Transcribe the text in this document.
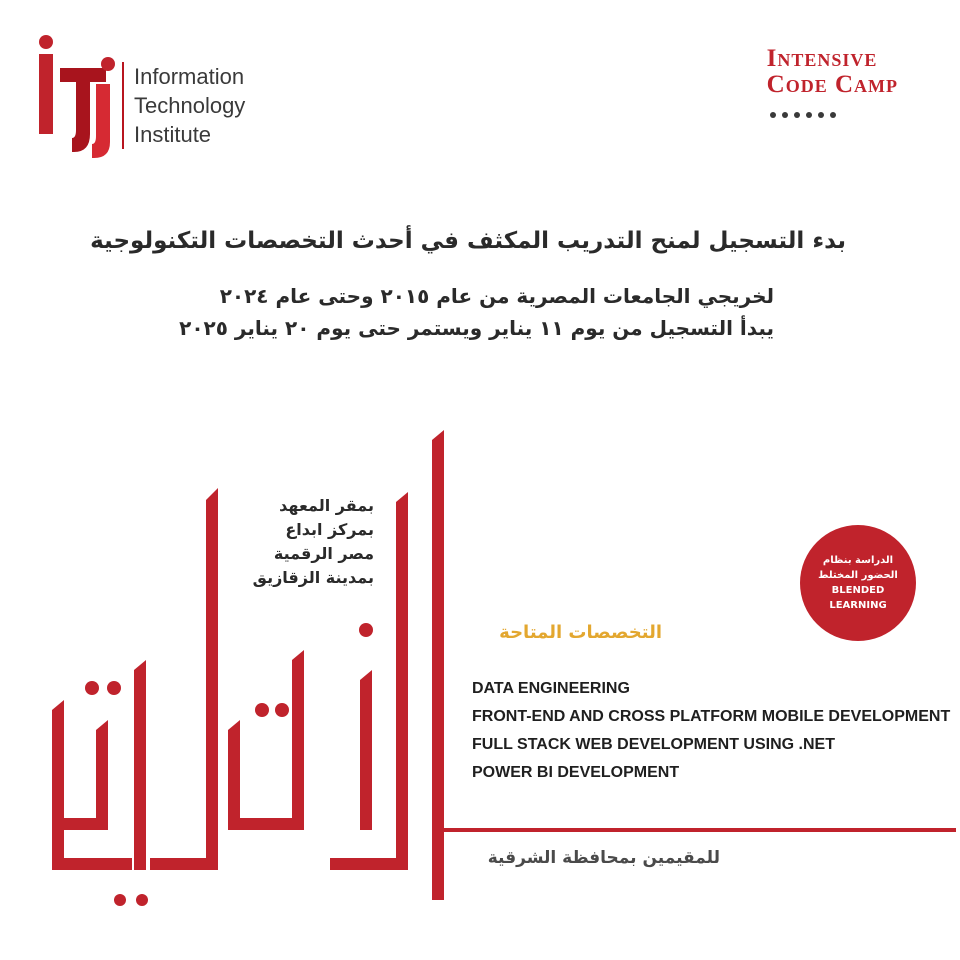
Information
Technology
Institute
Intensive
Code Camp
بدء التسجيل لمنح التدريب المكثف في أحدث التخصصات التكنولوجية
لخريجي الجامعات المصرية من عام ٢٠١٥ وحتى عام ٢٠٢٤
يبدأ التسجيل من يوم ١١ يناير ويستمر حتى يوم ٢٠ يناير ٢٠٢٥
بمقر المعهد
بمركز ابداع
مصر الرقمية
بمدينة الزقازيق
الدراسة بنظام
الحضور المختلط
BLENDED
LEARNING
التخصصات المتاحة
DATA ENGINEERING
FRONT-END AND CROSS PLATFORM MOBILE DEVELOPMENT
FULL STACK WEB DEVELOPMENT USING .NET
POWER BI DEVELOPMENT
للمقيمين بمحافظة الشرقية
